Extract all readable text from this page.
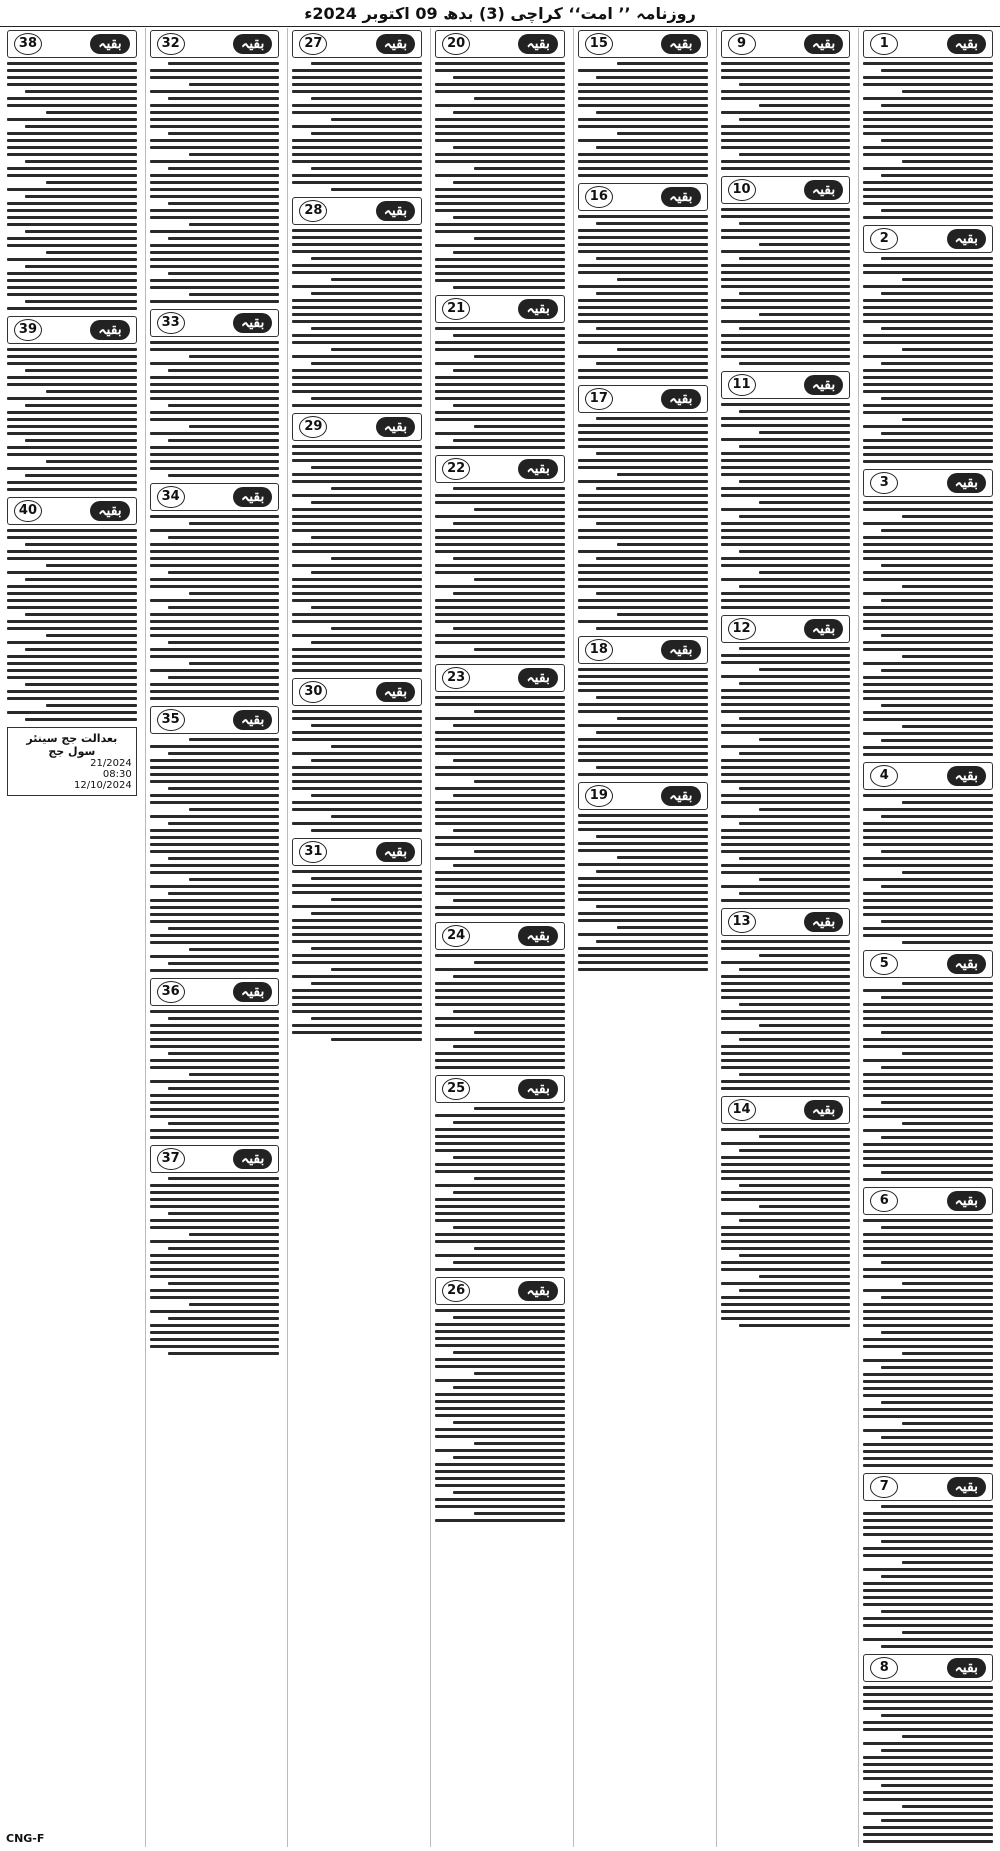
روزنامہ ’’ امت‘‘ کراچی (3) بدھ 09 اکتوبر 2024ء
بقیہ
1
بقیہ
2
بقیہ
3
بقیہ
4
بقیہ
5
بقیہ
6
بقیہ
7
بقیہ
8
بقیہ
9
بقیہ
10
بقیہ
11
بقیہ
12
بقیہ
13
بقیہ
14
بقیہ
15
بقیہ
16
بقیہ
17
بقیہ
18
بقیہ
19
بقیہ
20
بقیہ
21
بقیہ
22
بقیہ
23
بقیہ
24
بقیہ
25
بقیہ
26
بقیہ
27
بقیہ
28
بقیہ
29
بقیہ
30
بقیہ
31
بقیہ
32
بقیہ
33
بقیہ
34
بقیہ
35
بقیہ
36
بقیہ
37
بقیہ
38
بقیہ
39
بقیہ
40
بعدالت جج سینئر سول جج
21/2024
08:30
12/10/2024
CNG-F
